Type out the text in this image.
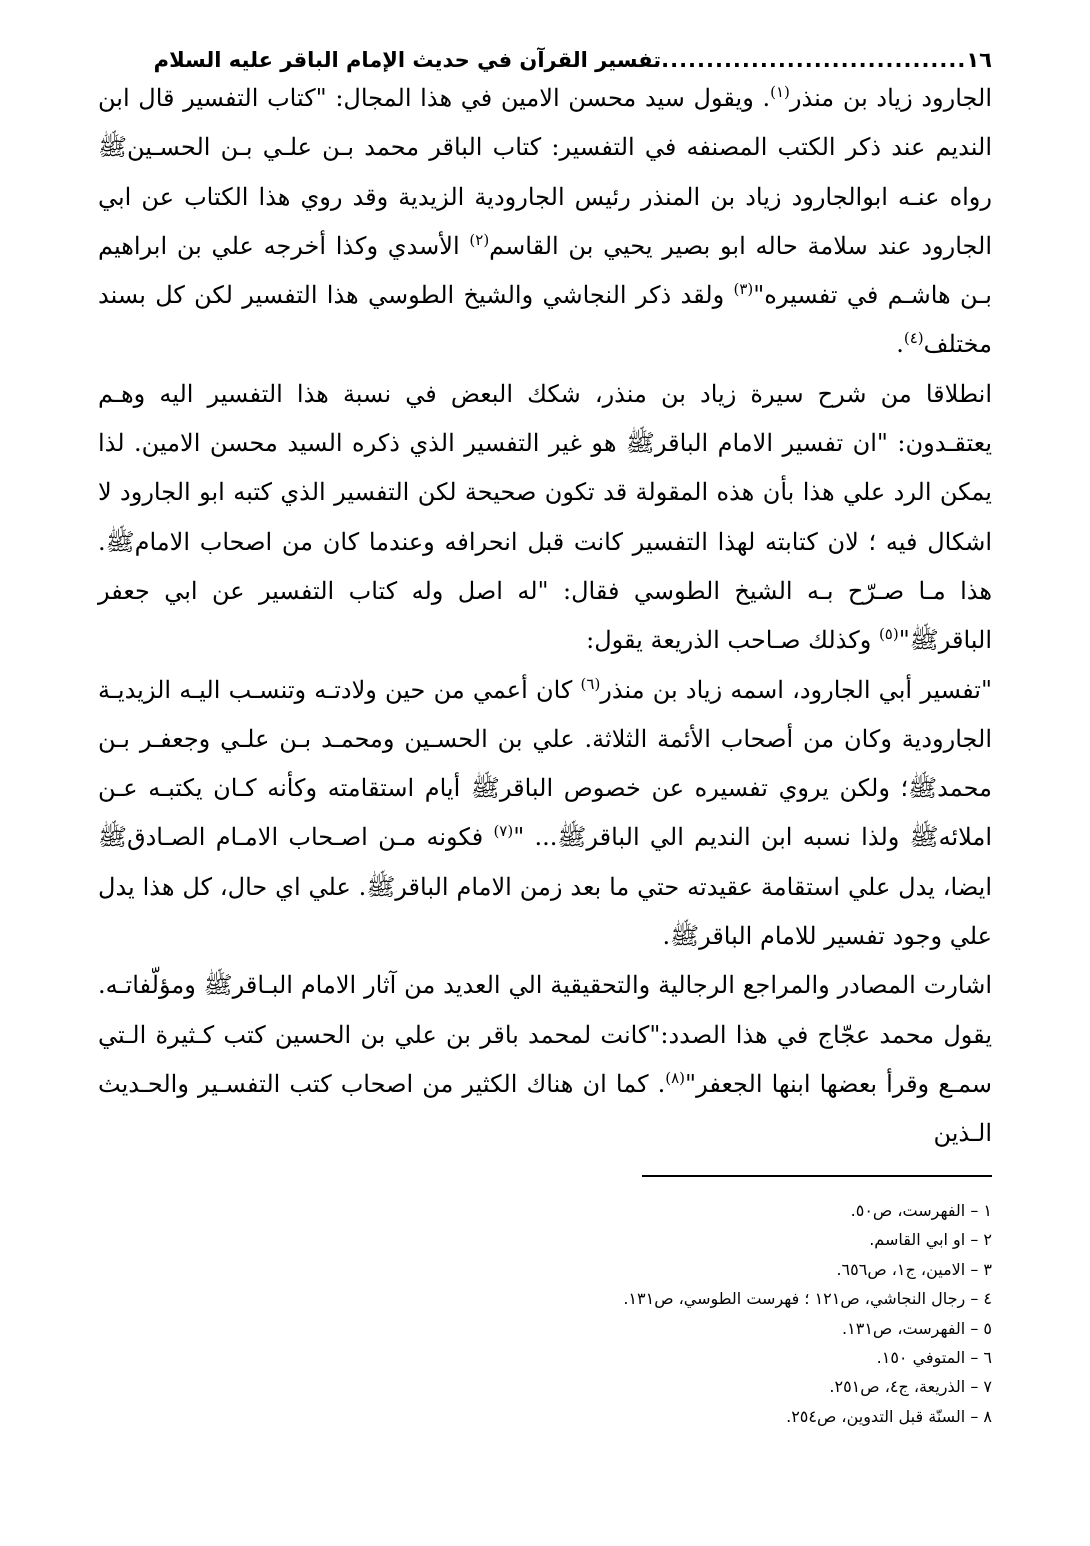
١٦..................................تفسير القرآن في حديث الإمام الباقر عليه السلام

الجارود زياد بن منذر$^{(١)}$. ويقول سيد محسن الامين في هذا المجال: "كتاب التفسير قال ابن النديم عند ذكر الكتب المصنفه في التفسير: كتاب الباقر محمد بـن علـي بـن الحسـينﷺ رواه عنـه ابوالجارود زياد بن المنذر رئيس الجارودية الزيدية وقد روي هذا الكتاب عن ابي الجارود عند سلامة حاله ابو بصير يحيي بن القاسم$^{(٢)}$ الأسدي وكذا أخرجه علي بن ابراهيم بـن هاشـم في تفسيره"$^{(٣)}$ ولقد ذكر النجاشي والشيخ الطوسي هذا التفسير لكن كل بسند مختلف$^{(٤)}$.

انطلاقا من شرح سيرة زياد بن منذر، شكك البعض في نسبة هذا التفسير اليه وهـم يعتقـدون: "ان تفسير الامام الباقرﷺ هو غير التفسير الذي ذكره السيد محسن الامين. لذا يمكن الرد علي هذا بأن هذه المقولة قد تكون صحيحة لكن التفسير الذي كتبه ابو الجارود لا اشكال فيه ؛ لان كتابته لهذا التفسير كانت قبل انحرافه وعندما كان من اصحاب الامامﷺ. هذا مـا صـرّح بـه الشيخ الطوسي فقال: "له اصل وله كتاب التفسير عن ابي جعفر الباقرﷺ"$^{(٥)}$ وكذلك صـاحب الذريعة يقول:

"تفسير أبي الجارود، اسمه زياد بن منذر$^{(٦)}$ كان أعمي من حين ولادتـه وتنسـب اليـه الزيديـة الجارودية وكان من أصحاب الأئمة الثلاثة. علي بن الحسـين ومحمـد بـن علـي وجعفـر بـن محمدﷺ؛ ولكن يروي تفسيره عن خصوص الباقرﷺ أيام استقامته وكأنه كـان يكتبـه عـن املائهﷺ ولذا نسبه ابن النديم الي الباقرﷺ... "$^{(٧)}$ فكونه مـن اصـحاب الامـام الصـادقﷺ ايضا، يدل علي استقامة عقيدته حتي ما بعد زمن الامام الباقرﷺ. علي اي حال، كل هذا يدل علي وجود تفسير للامام الباقرﷺ.

اشارت المصادر والمراجع الرجالية والتحقيقية الي العديد من آثار الامام البـاقرﷺ ومؤلّفاتـه. يقول محمد عجّاج في هذا الصدد:"كانت لمحمد باقر بن علي بن الحسين كتب كـثيرة الـتي سمـع وقرأ بعضها ابنها الجعفر"$^{(٨)}$. كما ان هناك الكثير من اصحاب كتب التفسـير والحـديث الـذين

١ – الفهرست، ص٥٠.
٢ – او ابي القاسم.
٣ – الامين، ج١، ص٦٥٦.
٤ – رجال النجاشي، ص١٢١ ؛ فهرست الطوسي، ص١٣١.
٥ – الفهرست، ص١٣١.
٦ – المتوفي ١٥٠.
٧ – الذريعة، ج٤، ص٢٥١.
٨ – السنّة قبل التدوين، ص٢٥٤.
